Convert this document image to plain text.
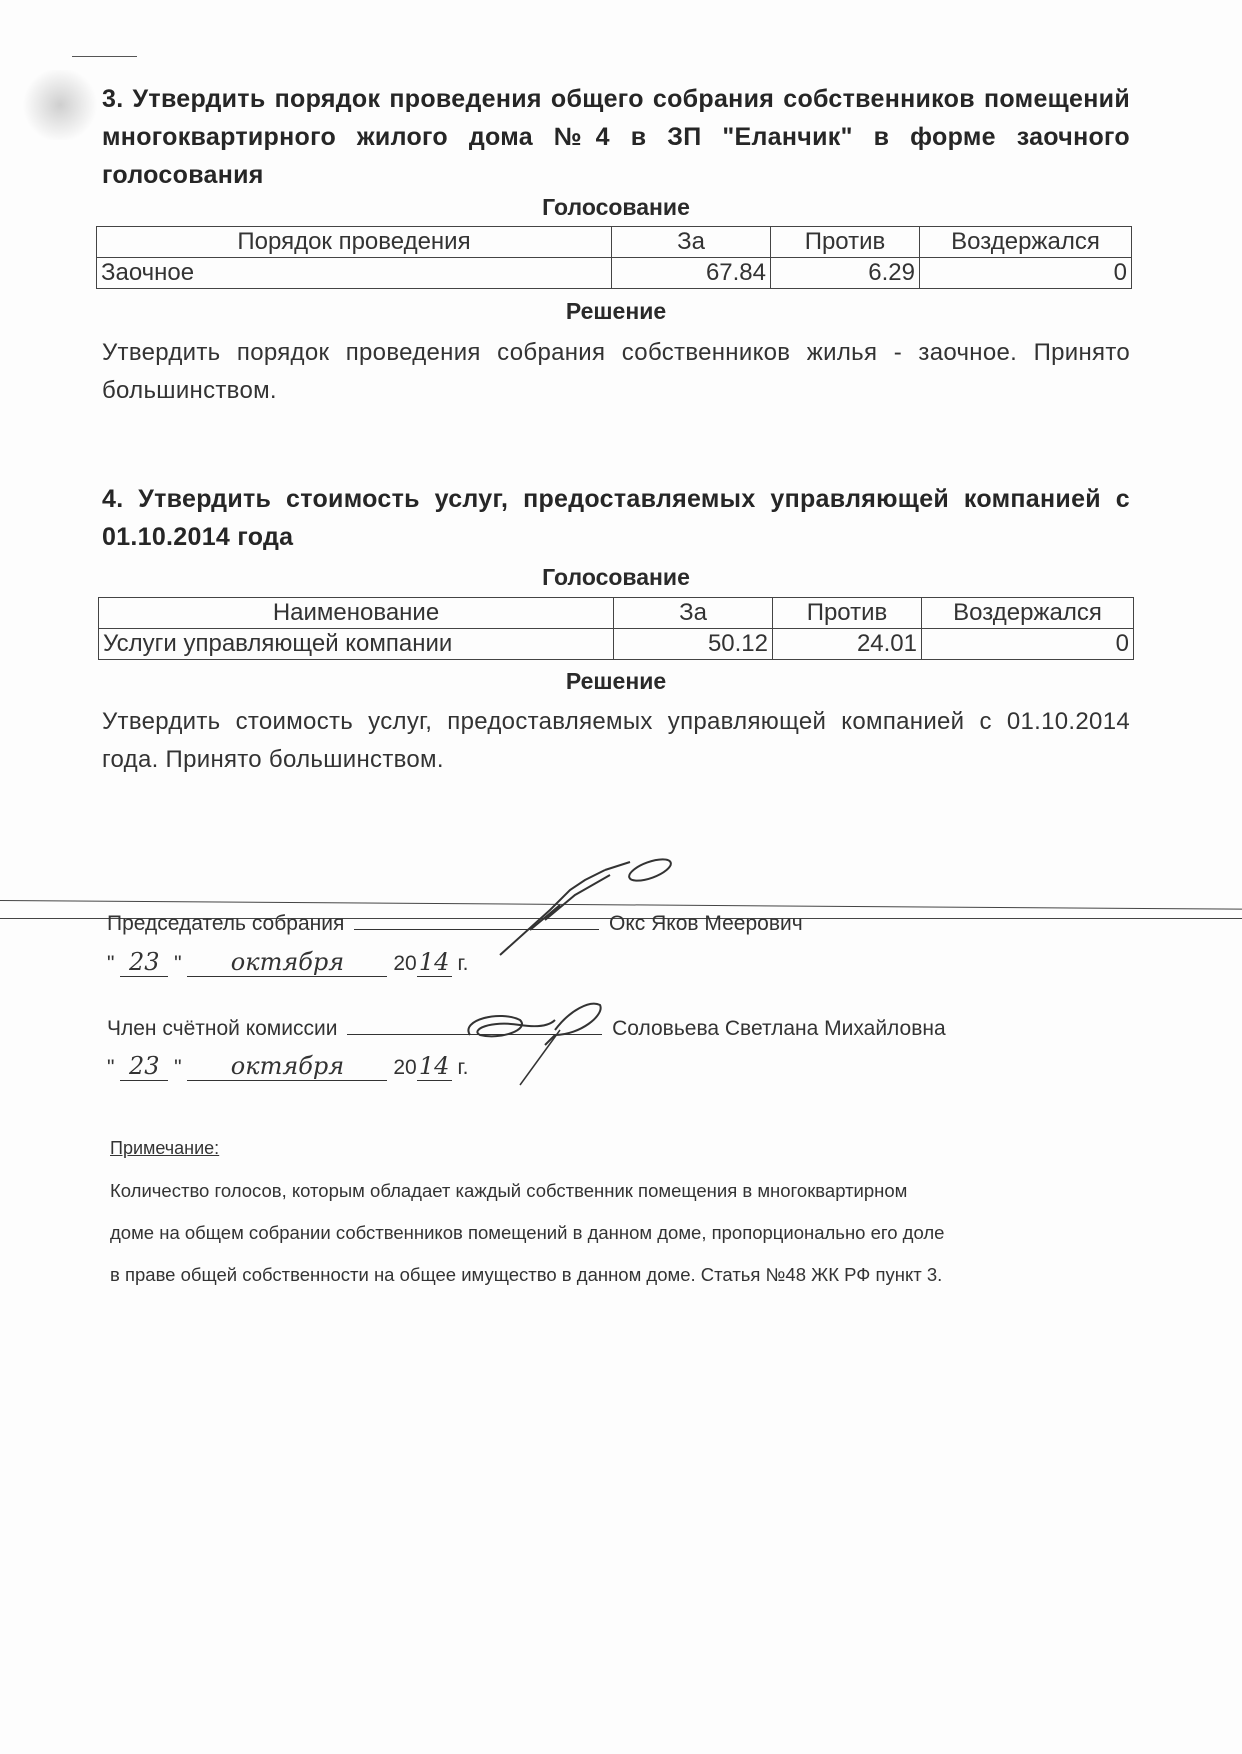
3. Утвердить порядок проведения общего собрания собственников помещений многоквартирного жилого дома №4 в ЗП "Еланчик" в форме заочного голосования
Голосование
Порядок проведения	За	Против	Воздержался
Заочное	67.84	6.29	0
Решение
Утвердить порядок проведения собрания собственников жилья - заочное. Принято большинством.
4. Утвердить стоимость услуг, предоставляемых управляющей компанией с 01.10.2014 года
Голосование
Наименование	За	Против	Воздержался
Услуги управляющей компании	50.12	24.01	0
Решение
Утвердить стоимость услуг, предоставляемых управляющей компанией с 01.10.2014 года. Принято большинством.
Председатель собрания	Окс Яков Меерович
" 23 " октября 2014 г.
Член счётной комиссии	Соловьева Светлана Михайловна
" 23 " октября 2014 г.
Примечание:
Количество голосов, которым обладает каждый собственник помещения в многоквартирном
доме на общем собрании собственников помещений в данном доме, пропорционально его доле
в праве общей собственности на общее имущество в данном доме. Статья №48 ЖК РФ пункт 3.
